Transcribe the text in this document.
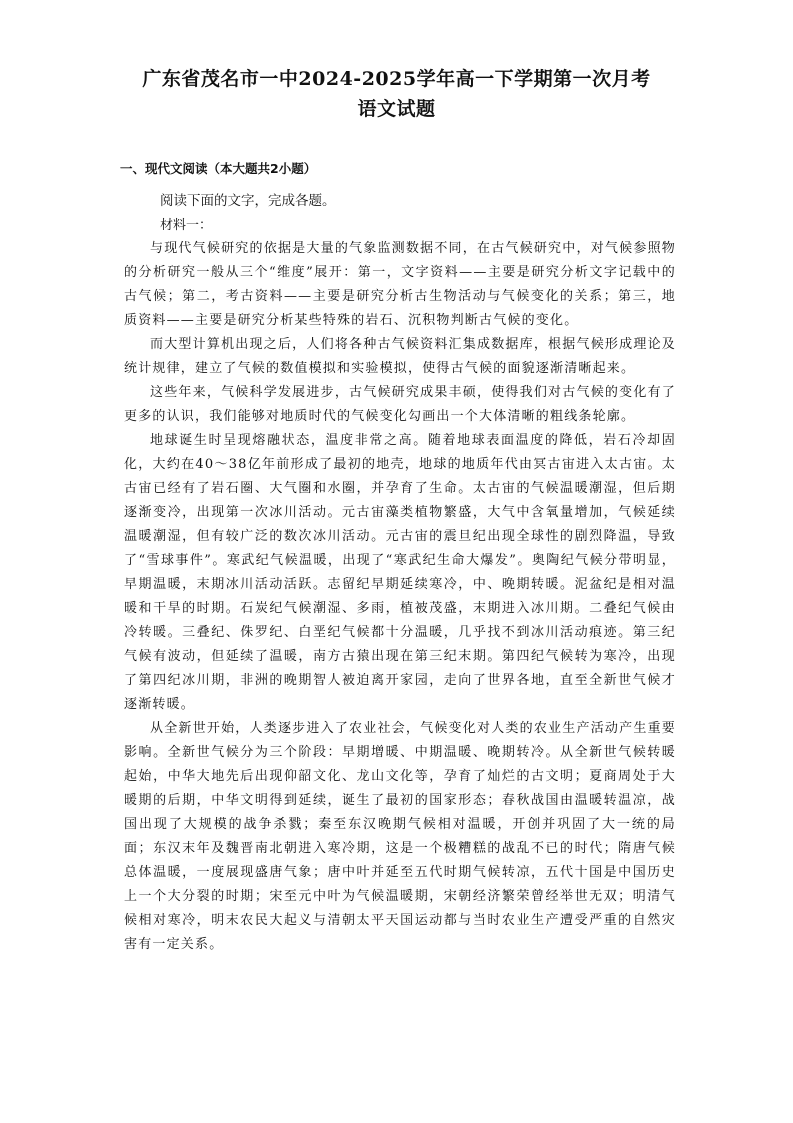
广东省茂名市一中2024-2025学年高一下学期第一次月考
语文试题
一、现代文阅读（本大题共2小题）
阅读下面的文字，完成各题。
材料一：

与现代气候研究的依据是大量的气象监测数据不同，在古气候研究中，对气候参照物的分析研究一般从三个“维度”展开：第一，文字资料——主要是研究分析文字记载中的古气候；第二，考古资料——主要是研究分析古生物活动与气候变化的关系；第三，地质资料——主要是研究分析某些特殊的岩石、沉积物判断古气候的变化。

而大型计算机出现之后，人们将各种古气候资料汇集成数据库，根据气候形成理论及统计规律，建立了气候的数值模拟和实验模拟，使得古气候的面貌逐渐清晰起来。

这些年来，气候科学发展进步，古气候研究成果丰硕，使得我们对古气候的变化有了更多的认识，我们能够对地质时代的气候变化勾画出一个大体清晰的粗线条轮廓。

地球诞生时呈现熔融状态，温度非常之高。随着地球表面温度的降低，岩石冷却固化，大约在40～38亿年前形成了最初的地壳，地球的地质年代由冥古宙进入太古宙。太古宙已经有了岩石圈、大气圈和水圈，并孕育了生命。太古宙的气候温暖潮湿，但后期逐渐变冷，出现第一次冰川活动。元古宙藻类植物繁盛，大气中含氧量增加，气候延续温暖潮湿，但有较广泛的数次冰川活动。元古宙的震旦纪出现全球性的剧烈降温，导致了“雪球事件”。寒武纪气候温暖，出现了“寒武纪生命大爆发”。奥陶纪气候分带明显，早期温暖，末期冰川活动活跃。志留纪早期延续寒冷，中、晚期转暖。泥盆纪是相对温暖和干旱的时期。石炭纪气候潮湿、多雨，植被茂盛，末期进入冰川期。二叠纪气候由冷转暖。三叠纪、侏罗纪、白垩纪气候都十分温暖，几乎找不到冰川活动痕迹。第三纪气候有波动，但延续了温暖，南方古猿出现在第三纪末期。第四纪气候转为寒冷，出现了第四纪冰川期，非洲的晚期智人被迫离开家园，走向了世界各地，直至全新世气候才逐渐转暖。

从全新世开始，人类逐步进入了农业社会，气候变化对人类的农业生产活动产生重要影响。全新世气候分为三个阶段：早期增暖、中期温暖、晚期转冷。从全新世气候转暖起始，中华大地先后出现仰韶文化、龙山文化等，孕育了灿烂的古文明；夏商周处于大暖期的后期，中华文明得到延续，诞生了最初的国家形态；春秋战国由温暖转温凉，战国出现了大规模的战争杀戮；秦至东汉晚期气候相对温暖，开创并巩固了大一统的局面；东汉末年及魏晋南北朝进入寒冷期，这是一个极糟糕的战乱不已的时代；隋唐气候总体温暖，一度展现盛唐气象；唐中叶并延至五代时期气候转凉，五代十国是中国历史上一个大分裂的时期；宋至元中叶为气候温暖期，宋朝经济繁荣曾经举世无双；明清气候相对寒冷，明末农民大起义与清朝太平天国运动都与当时农业生产遭受严重的自然灾害有一定关系。
